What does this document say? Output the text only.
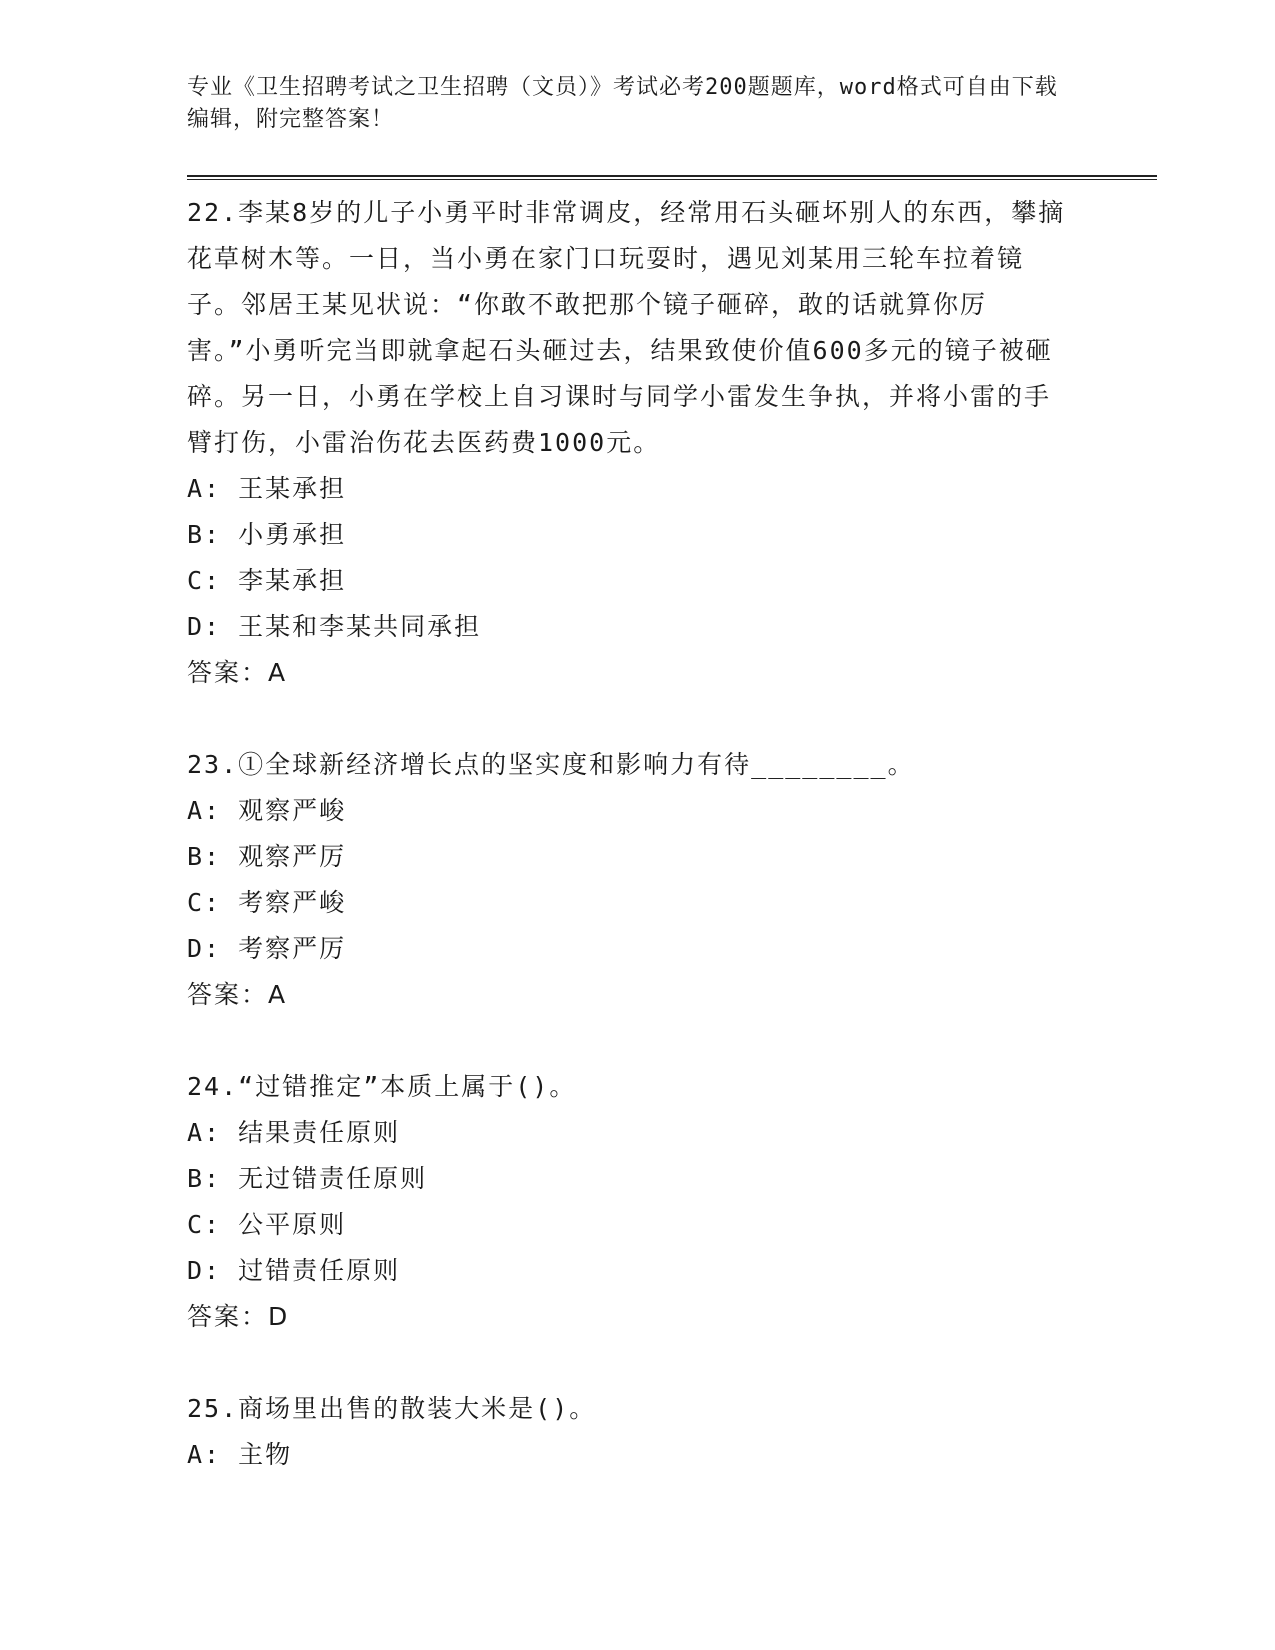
专业《卫生招聘考试之卫生招聘（文员）》考试必考200题题库，word格式可自由下载编辑，附完整答案！

22.李某8岁的儿子小勇平时非常调皮，经常用石头砸坏别人的东西，攀摘花草树木等。一日，当小勇在家门口玩耍时，遇见刘某用三轮车拉着镜子。邻居王某见状说：“你敢不敢把那个镜子砸碎，敢的话就算你厉害。”小勇听完当即就拿起石头砸过去，结果致使价值600多元的镜子被砸碎。另一日，小勇在学校上自习课时与同学小雷发生争执，并将小雷的手臂打伤，小雷治伤花去医药费1000元。

A: 王某承担

B: 小勇承担

C: 李某承担

D: 王某和李某共同承担

答案：A

23.①全球新经济增长点的坚实度和影响力有待________。

A: 观察严峻

B: 观察严厉

C: 考察严峻

D: 考察严厉

答案：A

24.“过错推定”本质上属于()。

A: 结果责任原则

B: 无过错责任原则

C: 公平原则

D: 过错责任原则

答案：D

25.商场里出售的散装大米是()。

A: 主物
